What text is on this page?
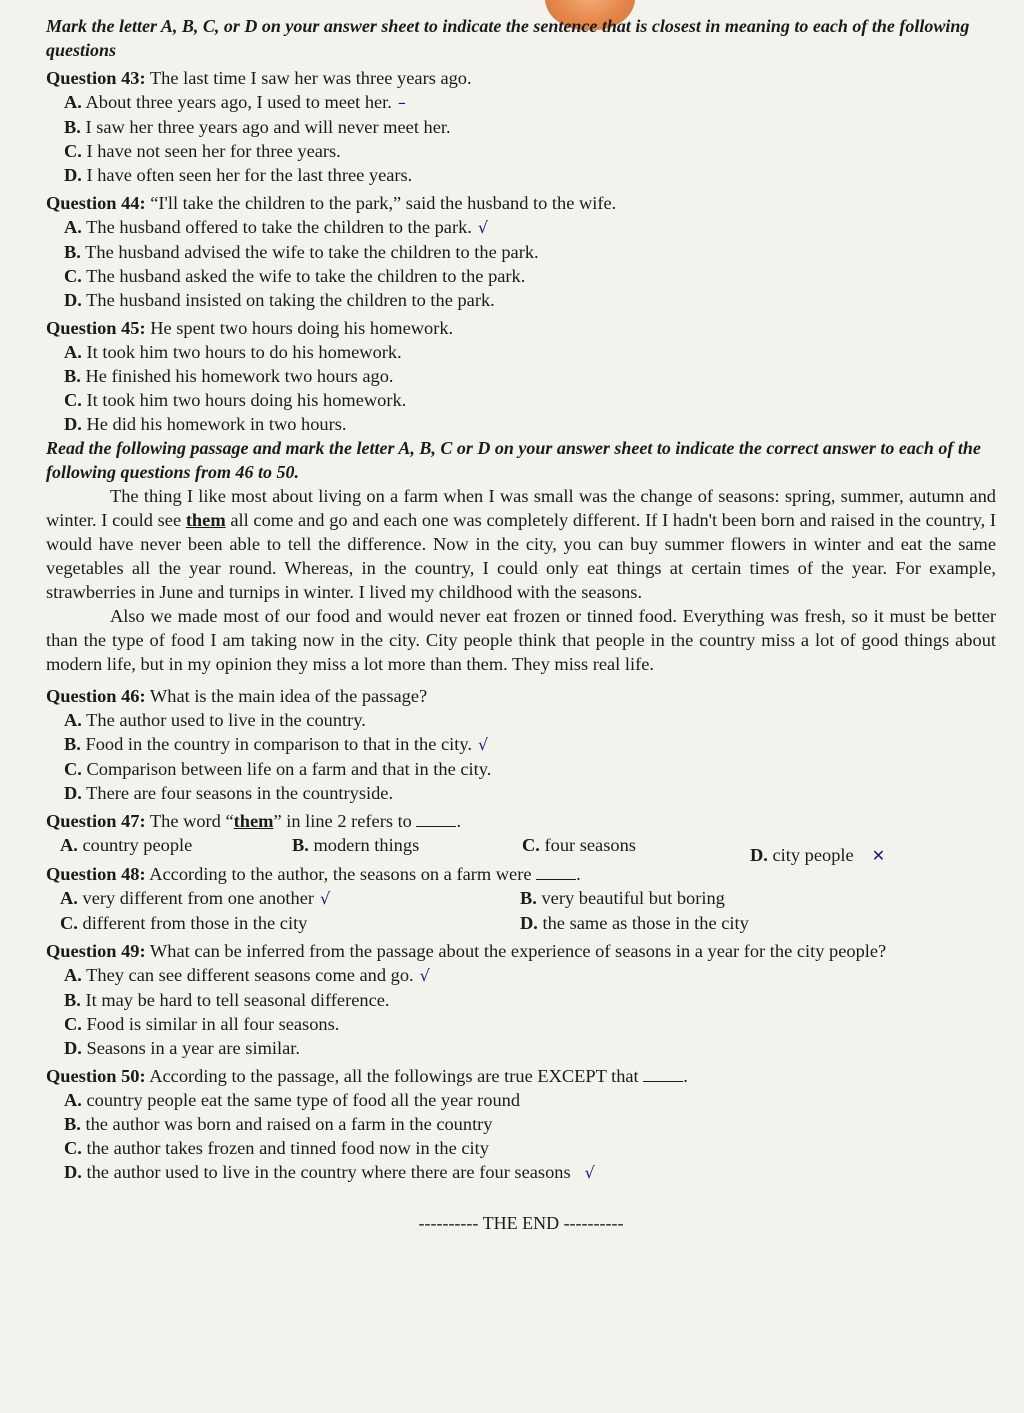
Mark the letter A, B, C, or D on your answer sheet to indicate the sentence that is closest in meaning to each of the following questions
Question 43: The last time I saw her was three years ago.
A. About three years ago, I used to meet her. –
B. I saw her three years ago and will never meet her.
C. I have not seen her for three years.
D. I have often seen her for the last three years.
Question 44: “I'll take the children to the park,” said the husband to the wife.
A. The husband offered to take the children to the park. √
B. The husband advised the wife to take the children to the park.
C. The husband asked the wife to take the children to the park.
D. The husband insisted on taking the children to the park.
Question 45: He spent two hours doing his homework.
A. It took him two hours to do his homework.
B. He finished his homework two hours ago.
C. It took him two hours doing his homework.
D. He did his homework in two hours.
Read the following passage and mark the letter A, B, C or D on your answer sheet to indicate the correct answer to each of the following questions from 46 to 50.
The thing I like most about living on a farm when I was small was the change of seasons: spring, summer, autumn and winter. I could see them all come and go and each one was completely different. If I hadn't been born and raised in the country, I would have never been able to tell the difference. Now in the city, you can buy summer flowers in winter and eat the same vegetables all the year round. Whereas, in the country, I could only eat things at certain times of the year. For example, strawberries in June and turnips in winter. I lived my childhood with the seasons.
Also we made most of our food and would never eat frozen or tinned food. Everything was fresh, so it must be better than the type of food I am taking now in the city. City people think that people in the country miss a lot of good things about modern life, but in my opinion they miss a lot more than them. They miss real life.
Question 46: What is the main idea of the passage?
A. The author used to live in the country.
B. Food in the country in comparison to that in the city. √
C. Comparison between life on a farm and that in the city.
D. There are four seasons in the countryside.
Question 47: The word “them” in line 2 refers to .
A. country people	B. modern things	C. four seasons	D. city people ✕
Question 48: According to the author, the seasons on a farm were .
A. very different from one another √	B. very beautiful but boring
C. different from those in the city	D. the same as those in the city
Question 49: What can be inferred from the passage about the experience of seasons in a year for the city people?
A. They can see different seasons come and go. √
B. It may be hard to tell seasonal difference.
C. Food is similar in all four seasons.
D. Seasons in a year are similar.
Question 50: According to the passage, all the followings are true EXCEPT that .
A. country people eat the same type of food all the year round
B. the author was born and raised on a farm in the country
C. the author takes frozen and tinned food now in the city
D. the author used to live in the country where there are four seasons √
---------- THE END ----------
